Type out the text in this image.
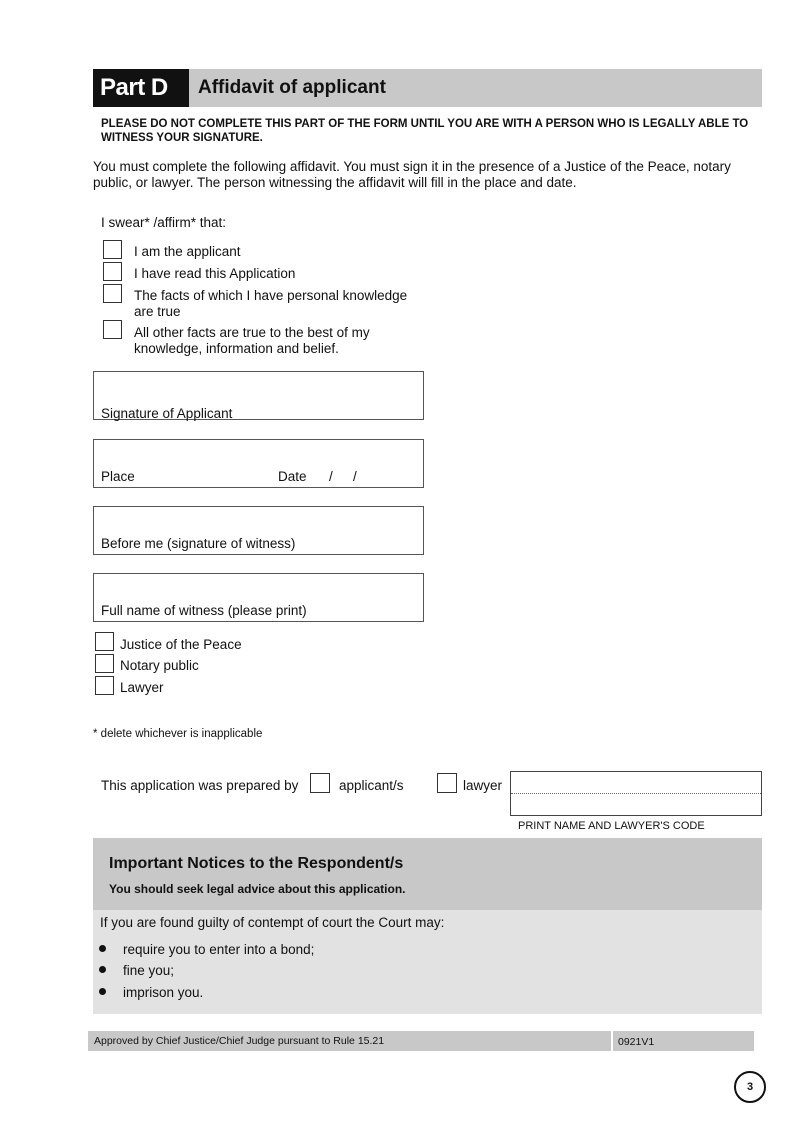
Part D	Affidavit of applicant
PLEASE DO NOT COMPLETE THIS PART OF THE FORM UNTIL YOU ARE WITH A PERSON WHO IS LEGALLY ABLE TO WITNESS YOUR SIGNATURE.
You must complete the following affidavit. You must sign it in the presence of a Justice of the Peace, notary public, or lawyer. The person witnessing the affidavit will fill in the place and date.
I swear* /affirm* that:
I am the applicant
I have read this Application
The facts of which I have personal knowledge
are true
All other facts are true to the best of my
knowledge, information and belief.
Signature of Applicant
Place	Date / /
Before me (signature of witness)
Full name of witness (please print)
Justice of the Peace
Notary public
Lawyer
* delete whichever is inapplicable
This application was prepared by	applicant/s	lawyer
PRINT NAME AND LAWYER'S CODE
Important Notices to the Respondent/s
You should seek legal advice about this application.
If you are found guilty of contempt of court the Court may:
require you to enter into a bond;
fine you;
imprison you.
Approved by Chief Justice/Chief Judge pursuant to Rule 15.21	0921V1
3
